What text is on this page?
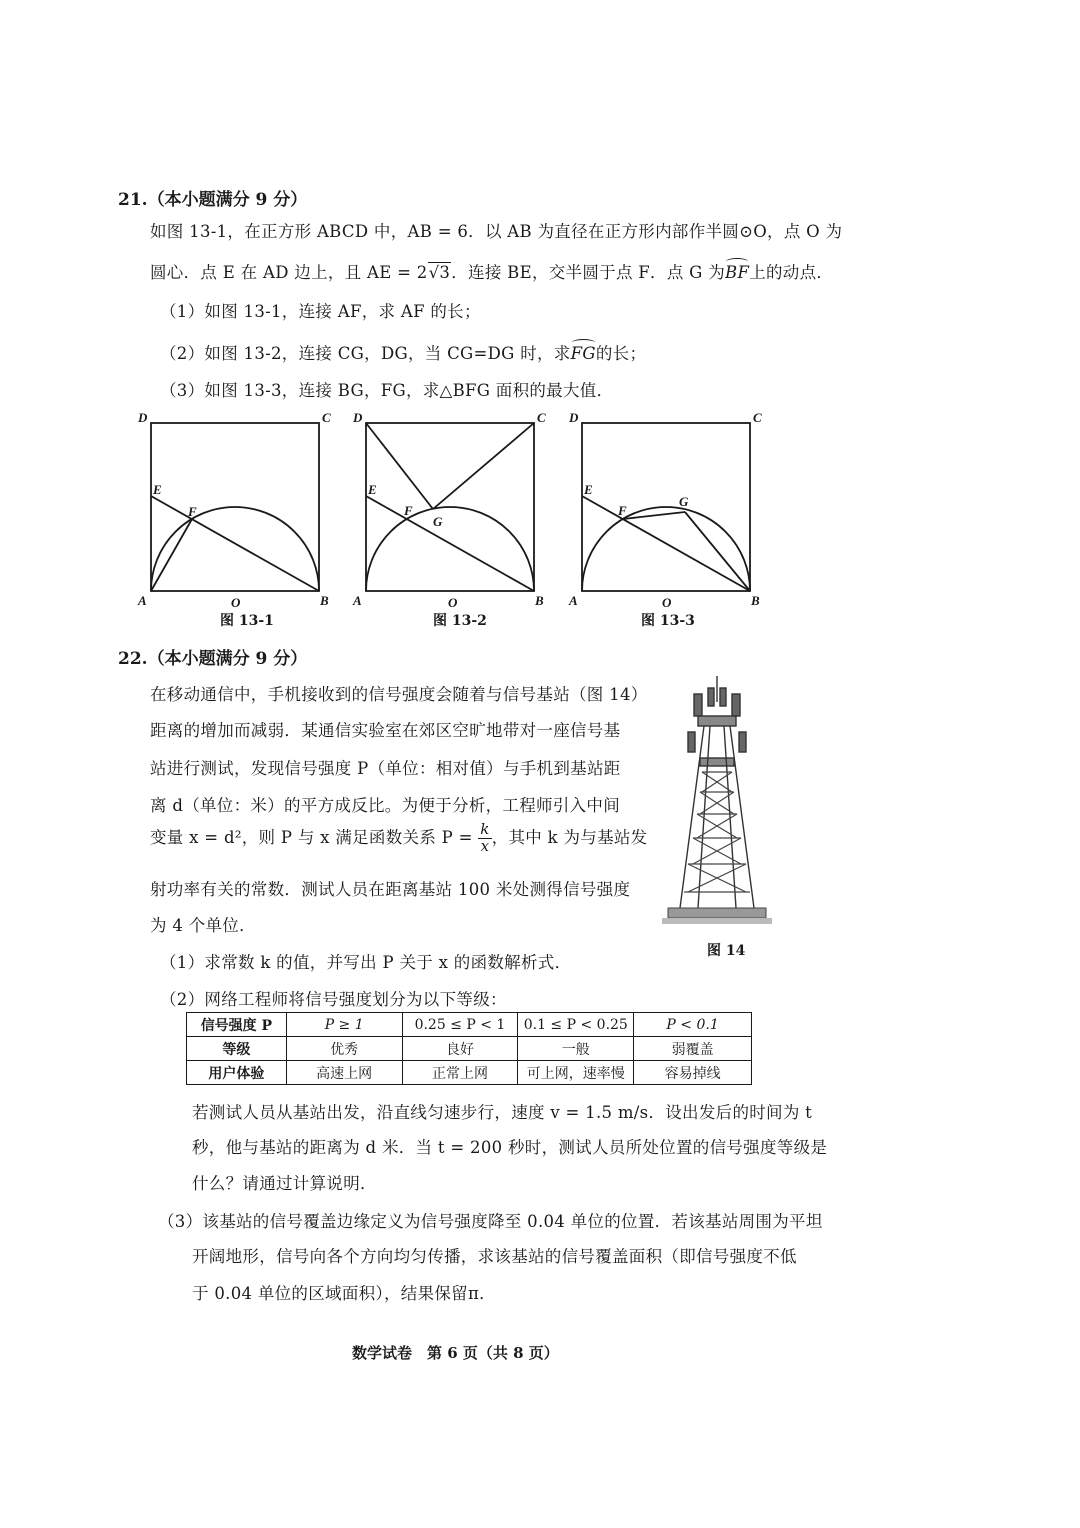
21.（本小题满分 9 分）
如图 13-1，在正方形 ABCD 中，AB = 6．以 AB 为直径在正方形内部作半圆⊙O，点 O 为
圆心．点 E 在 AD 边上，且 AE = 2√3．连接 BE，交半圆于点 F．点 G 为BF上的动点．
（1）如图 13-1，连接 AF，求 AF 的长；
（2）如图 13-2，连接 CG，DG，当 CG=DG 时，求FG的长；
（3）如图 13-3，连接 BG，FG，求△BFG 面积的最大值．
D	C
E
F
A	O	B
图 13-1
D	C
E
F
G
A	O	B
图 13-2
D	C
E
F
G
A	O	B
图 13-3
22.（本小题满分 9 分）
在移动通信中，手机接收到的信号强度会随着与信号基站（图 14）
距离的增加而减弱．某通信实验室在郊区空旷地带对一座信号基
站进行测试，发现信号强度 P（单位：相对值）与手机到基站距
离 d（单位：米）的平方成反比。为便于分析，工程师引入中间
变量 x = d²，则 P 与 x 满足函数关系 $P = \frac{k}{x}$ ，其中 k 为与基站发
射功率有关的常数．测试人员在距离基站 100 米处测得信号强度
为 4 个单位．
图 14
（1）求常数 k 的值，并写出 P 关于 x 的函数解析式．
（2）网络工程师将信号强度划分为以下等级：
信号强度 P	P ≥ 1	0.25 ≤ P < 1	0.1 ≤ P < 0.25	P < 0.1
等级	优秀	良好	一般	弱覆盖
用户体验	高速上网	正常上网	可上网，速率慢	容易掉线
若测试人员从基站出发，沿直线匀速步行，速度 v = 1.5 m/s．设出发后的时间为 t
秒，他与基站的距离为 d 米．当 t = 200 秒时，测试人员所处位置的信号强度等级是
什么？请通过计算说明．
（3）该基站的信号覆盖边缘定义为信号强度降至 0.04 单位的位置．若该基站周围为平坦
开阔地形，信号向各个方向均匀传播，求该基站的信号覆盖面积（即信号强度不低
于 0.04 单位的区域面积），结果保留π．
数学试卷　第 6 页（共 8 页）
